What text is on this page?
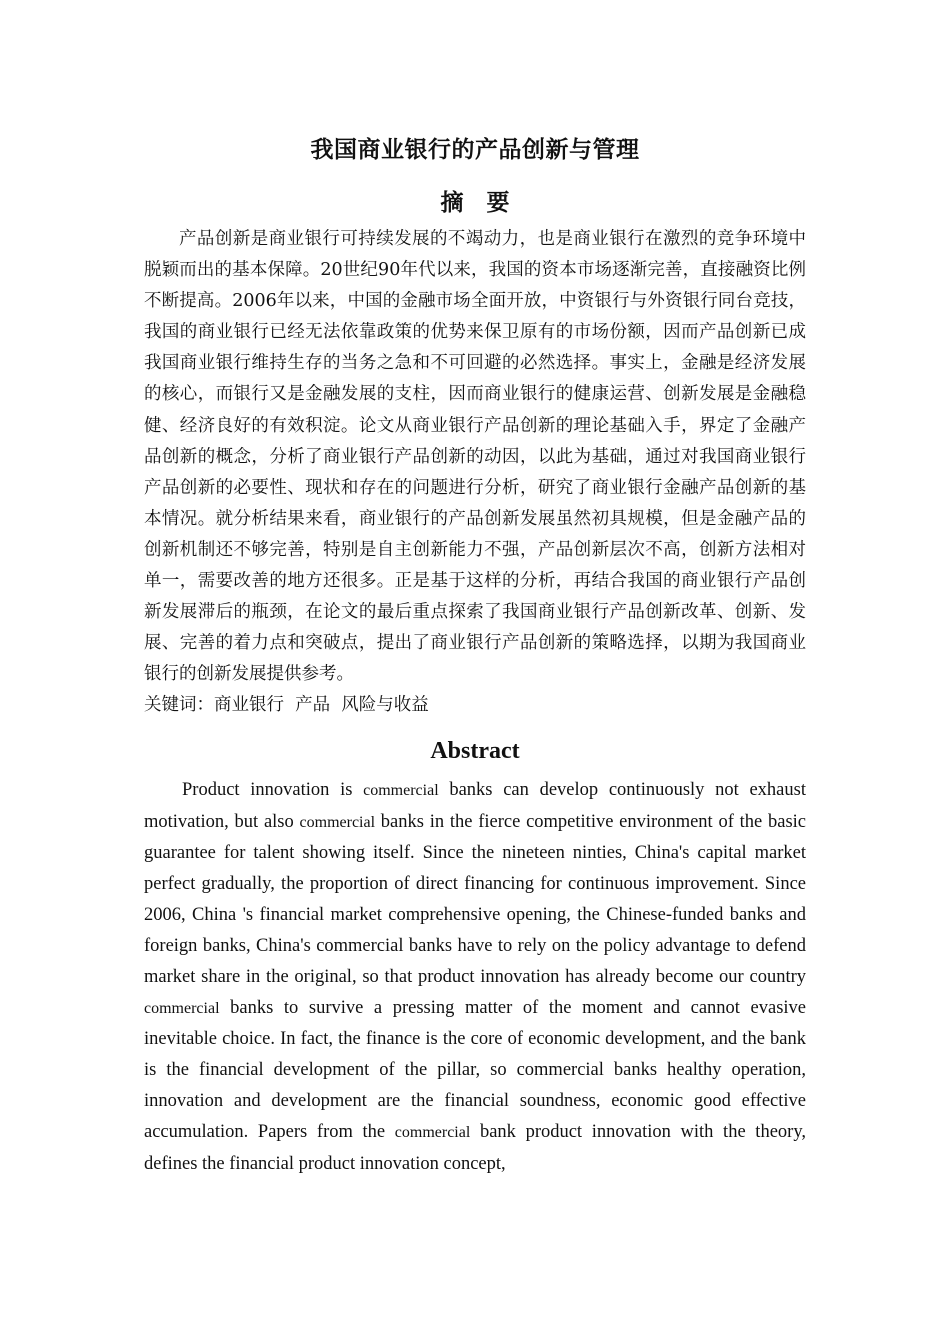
我国商业银行的产品创新与管理
摘　要

产品创新是商业银行可持续发展的不竭动力，也是商业银行在激烈的竞争环境中脱颖而出的基本保障。20世纪90年代以来，我国的资本市场逐渐完善，直接融资比例不断提高。2006年以来，中国的金融市场全面开放，中资银行与外资银行同台竞技，我国的商业银行已经无法依靠政策的优势来保卫原有的市场份额，因而产品创新已成我国商业银行维持生存的当务之急和不可回避的必然选择。事实上，金融是经济发展的核心，而银行又是金融发展的支柱，因而商业银行的健康运营、创新发展是金融稳健、经济良好的有效积淀。论文从商业银行产品创新的理论基础入手，界定了金融产品创新的概念，分析了商业银行产品创新的动因，以此为基础，通过对我国商业银行产品创新的必要性、现状和存在的问题进行分析，研究了商业银行金融产品创新的基本情况。就分析结果来看，商业银行的产品创新发展虽然初具规模，但是金融产品的创新机制还不够完善，特别是自主创新能力不强，产品创新层次不高，创新方法相对单一，需要改善的地方还很多。正是基于这样的分析，再结合我国的商业银行产品创新发展滞后的瓶颈，在论文的最后重点探索了我国商业银行产品创新改革、创新、发展、完善的着力点和突破点，提出了商业银行产品创新的策略选择，以期为我国商业银行的创新发展提供参考。

关键词：商业银行  产品  风险与收益

Abstract

Product innovation is commercial banks can develop continuously not exhaust motivation, but also commercial banks in the fierce competitive environment of the basic guarantee for talent showing itself. Since the nineteen ninties, China's capital market perfect gradually, the proportion of direct financing for continuous improvement. Since 2006, China 's financial market comprehensive opening, the Chinese-funded banks and foreign banks, China's commercial banks have to rely on the policy advantage to defend market share in the original, so that product innovation has already become our country commercial banks to survive a pressing matter of the moment and cannot evasive inevitable choice. In fact, the finance is the core of economic development, and the bank is the financial development of the pillar, so commercial banks healthy operation, innovation and development are the financial soundness, economic good effective accumulation. Papers from the commercial bank product innovation with the theory, defines the financial product innovation concept,
